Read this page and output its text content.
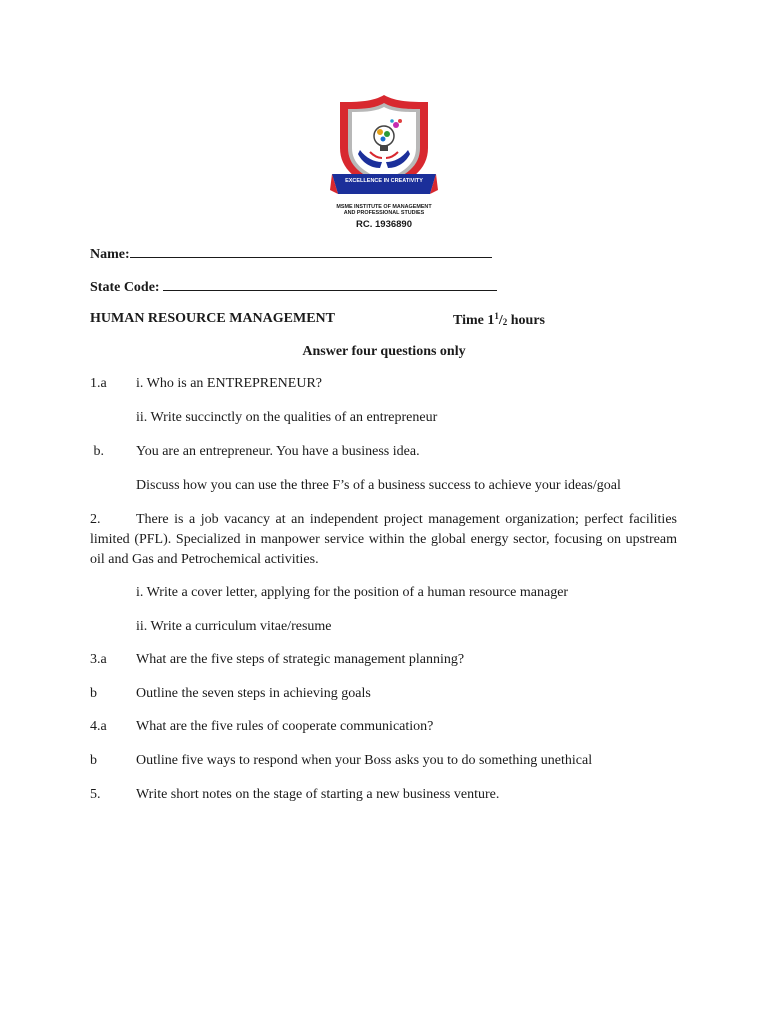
EXCELLENCE IN CREATIVITY
MSME INSTITUTE OF MANAGEMENT
AND PROFESSIONAL STUDIES
RC. 1936890
Name:
State Code:
HUMAN RESOURCE MANAGEMENT	Time $1^1/_2$ hours
Answer four questions only
1.a i. Who is an ENTREPRENEUR?
ii. Write succinctly on the qualities of an entrepreneur
b. You are an entrepreneur. You have a business idea.
Discuss how you can use the three F’s of a business success to achieve your ideas/goal
2.	There is a job vacancy at an independent project management organization; perfect facilities limited (PFL). Specialized in manpower service within the global energy sector, focusing on upstream oil and Gas and Petrochemical activities.
i. Write a cover letter, applying for the position of a human resource manager
ii. Write a curriculum vitae/resume
3.a What are the five steps of strategic management planning?
b	Outline the seven steps in achieving goals
4.a What are the five rules of cooperate communication?
b	Outline five ways to respond when your Boss asks you to do something unethical
5.	Write short notes on the stage of starting a new business venture.
